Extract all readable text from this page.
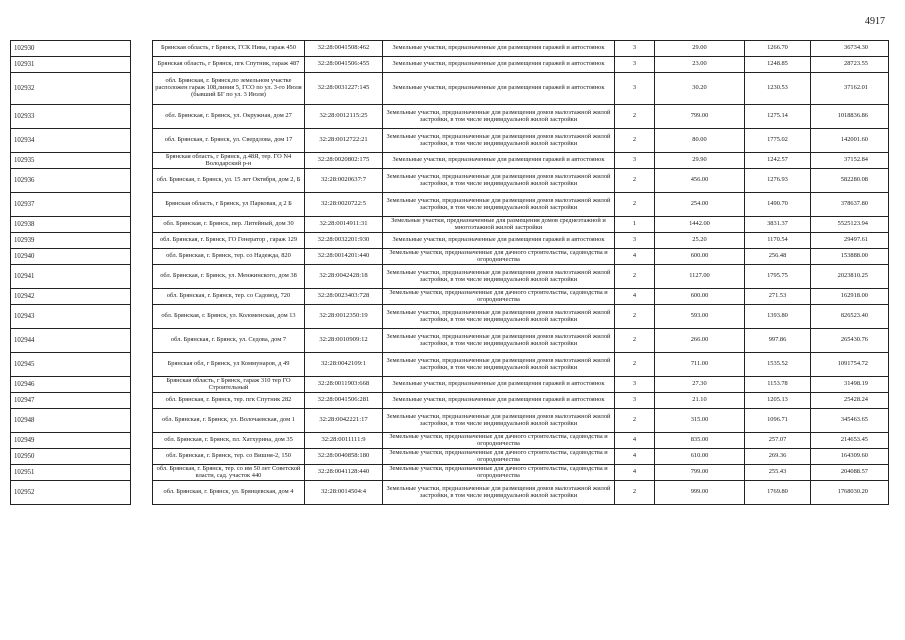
4917
102930		Брянская область, г Брянск, ГСК Нива, гараж 450	32:28:0041508:462	Земельные участки, предназначенные для размещения гаражей и автостоянок	3	29.00	1266.70	36734.30
102931		Брянская область, г Брянск, пгк Спутник, гараж 487	32:28:0041506:455	Земельные участки, предназначенные для размещения гаражей и автостоянок	3	23.00	1248.85	28723.55
102932		обл. Брянская, г. Брянск,по земельном участке расположен гараж 108,линия 5, ГСО по ул. 3-го Июля (бывший БГ по ул. 3 Июля)	32:28:0031227:145	Земельные участки, предназначенные для размещения гаражей и автостоянок	3	30.20	1230.53	37162.01
102933		обл. Брянская, г. Брянск, ул. Окружная, дом 27	32:28:0012115:25	Земельные участки, предназначенные для размещения домов малоэтажной жилой застройки, в том числе индивидуальной жилой застройки	2	799.00	1275.14	1018836.86
102934		обл. Брянская, г. Брянск, ул. Свердлова, дом 17	32:28:0012722:21	Земельные участки, предназначенные для размещения домов малоэтажной жилой застройки, в том числе индивидуальной жилой застройки	2	80.00	1775.02	142001.60
102935		Брянская область, г Брянск, д.48Я, тер. ГО N4 Володарский р-н	32:28:0020802:175	Земельные участки, предназначенные для размещения гаражей и автостоянок	3	29.90	1242.57	37152.84
102936		обл. Брянская, г. Брянск, ул. 15 лет Октября, дом 2, Б	32:28:0020637:7	Земельные участки, предназначенные для размещения домов малоэтажной жилой застройки, в том числе индивидуальной жилой застройки	2	456.00	1276.93	582280.08
102937		Брянская область, г Брянск, ул Парковая, д 2 Б	32:28:0020722:5	Земельные участки, предназначенные для размещения домов малоэтажной жилой застройки, в том числе индивидуальной жилой застройки	2	254.00	1490.70	378637.80
102938		обл. Брянская, г. Брянск, пер. Литейный, дом 30	32:28:0014911:31	Земельные участки, предназначенные для размещения домов среднеэтажной и многоэтажной жилой застройки	1	1442.00	3831.37	5525123.94
102939		обл. Брянская, г. Брянск, ГО Генератор , гараж 129	32:28:0032201:930	Земельные участки, предназначенные для размещения гаражей и автостоянок	3	25.20	1170.54	29497.61
102940		обл. Брянская, г. Брянск, тер. со Надежда, 820	32:28:0014201:440	Земельные участки, предназначенные для дачного строительства, садоводства и огородничества	4	600.00	256.48	153888.00
102941		обл. Брянская, г. Брянск, ул. Менжинского, дом 38	32:28:0042428:18	Земельные участки, предназначенные для размещения домов малоэтажной жилой застройки, в том числе индивидуальной жилой застройки	2	1127.00	1795.75	2023810.25
102942		обл. Брянская, г. Брянск, тер. со Садовод, 720	32:28:0023403:728	Земельные участки, предназначенные для дачного строительства, садоводства и огородничества	4	600.00	271.53	162918.00
102943		обл. Брянская, г. Брянск, ул. Коломенская, дом 13	32:28:0012350:19	Земельные участки, предназначенные для размещения домов малоэтажной жилой застройки, в том числе индивидуальной жилой застройки	2	593.00	1393.80	826523.40
102944		обл. Брянская, г. Брянск, ул. Седова, дом 7	32:28:0010909:12	Земельные участки, предназначенные для размещения домов малоэтажной жилой застройки, в том числе индивидуальной жилой застройки	2	266.00	997.86	265430.76
102945		Брянская обл, г Брянск, ул Коммунаров, д 49	32:28:0042109:1	Земельные участки, предназначенные для размещения домов малоэтажной жилой застройки, в том числе индивидуальной жилой застройки	2	711.00	1535.52	1091754.72
102946		Брянская область, г Брянск, гараж 310 тер ГО Строительный	32:28:0011903:668	Земельные участки, предназначенные для размещения гаражей и автостоянок	3	27.30	1153.78	31498.19
102947		обл. Брянская, г. Брянск, тер. пгк Спутник 282	32:28:0041506:281	Земельные участки, предназначенные для размещения гаражей и автостоянок	3	21.10	1205.13	25428.24
102948		обл. Брянская, г. Брянск, ул. Волочаевская, дом 1	32:28:0042221:17	Земельные участки, предназначенные для размещения домов малоэтажной жилой застройки, в том числе индивидуальной жилой застройки	2	315.00	1096.71	345463.65
102949		обл. Брянская, г. Брянск, пл. Хатхурина, дом 35	32:28:0011111:9	Земельные участки, предназначенные для дачного строительства, садоводства и огородничества	4	835.00	257.07	214653.45
102950		обл. Брянская, г. Брянск, тер. со Вишня-2, 150	32:28:0040858:180	Земельные участки, предназначенные для дачного строительства, садоводства и огородничества	4	610.00	269.36	164309.60
102951		обл. Брянская, г. Брянск, тер. со им 50 лет Советской власти, сад. участок 440	32:28:0041128:440	Земельные участки, предназначенные для дачного строительства, садоводства и огородничества	4	799.00	255.43	204088.57
102952		обл. Брянская, г. Брянск, ул. Брянцевская, дом 4	32:28:0014504:4	Земельные участки, предназначенные для размещения домов малоэтажной жилой застройки, в том числе индивидуальной жилой застройки	2	999.00	1769.80	1768030.20
